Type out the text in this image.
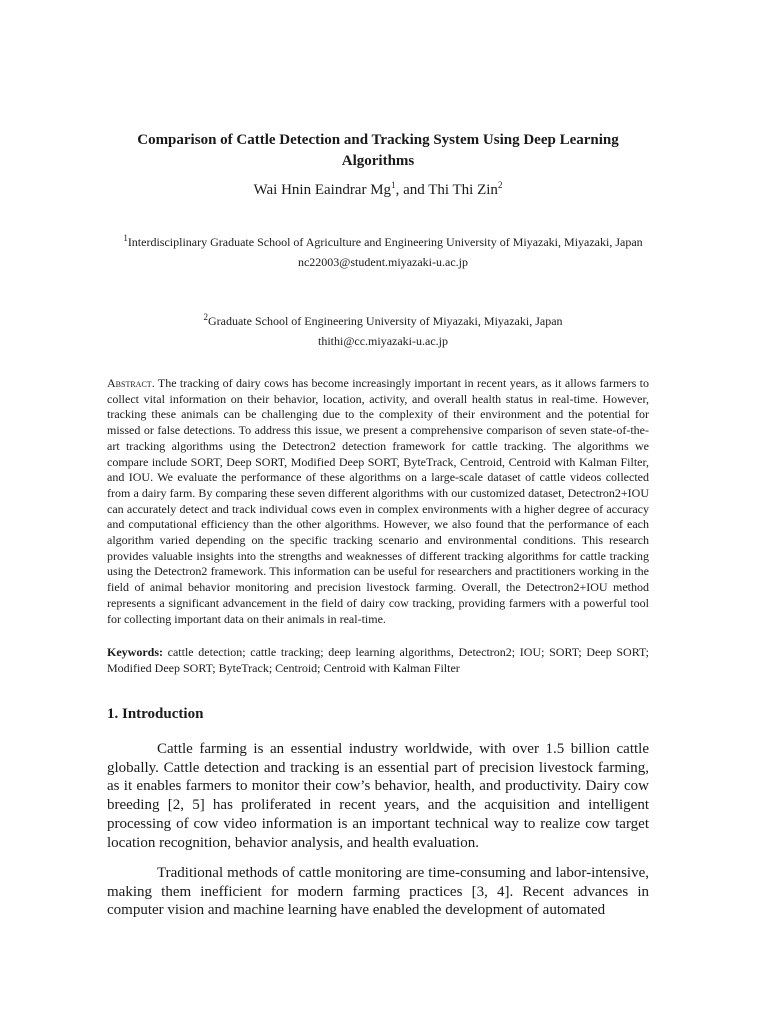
Comparison of Cattle Detection and Tracking System Using Deep Learning Algorithms
Wai Hnin Eaindrar Mg$^1$, and Thi Thi Zin$^2$
$^1$Interdisciplinary Graduate School of Agriculture and Engineering University of Miyazaki, Miyazaki, Japan
nc22003@student.miyazaki-u.ac.jp
$^2$Graduate School of Engineering University of Miyazaki, Miyazaki, Japan
thithi@cc.miyazaki-u.ac.jp
Abstract. The tracking of dairy cows has become increasingly important in recent years, as it allows farmers to collect vital information on their behavior, location, activity, and overall health status in real-time. However, tracking these animals can be challenging due to the complexity of their environment and the potential for missed or false detections. To address this issue, we present a comprehensive comparison of seven state-of-the-art tracking algorithms using the Detectron2 detection framework for cattle tracking. The algorithms we compare include SORT, Deep SORT, Modified Deep SORT, ByteTrack, Centroid, Centroid with Kalman Filter, and IOU. We evaluate the performance of these algorithms on a large-scale dataset of cattle videos collected from a dairy farm. By comparing these seven different algorithms with our customized dataset, Detectron2+IOU can accurately detect and track individual cows even in complex environments with a higher degree of accuracy and computational efficiency than the other algorithms. However, we also found that the performance of each algorithm varied depending on the specific tracking scenario and environmental conditions. This research provides valuable insights into the strengths and weaknesses of different tracking algorithms for cattle tracking using the Detectron2 framework. This information can be useful for researchers and practitioners working in the field of animal behavior monitoring and precision livestock farming. Overall, the Detectron2+IOU method represents a significant advancement in the field of dairy cow tracking, providing farmers with a powerful tool for collecting important data on their animals in real-time.
Keywords: cattle detection; cattle tracking; deep learning algorithms, Detectron2; IOU; SORT; Deep SORT; Modified Deep SORT; ByteTrack; Centroid; Centroid with Kalman Filter
1. Introduction
Cattle farming is an essential industry worldwide, with over 1.5 billion cattle globally. Cattle detection and tracking is an essential part of precision livestock farming, as it enables farmers to monitor their cow’s behavior, health, and productivity. Dairy cow breeding [2, 5] has proliferated in recent years, and the acquisition and intelligent processing of cow video information is an important technical way to realize cow target location recognition, behavior analysis, and health evaluation.
Traditional methods of cattle monitoring are time-consuming and labor-intensive, making them inefficient for modern farming practices [3, 4]. Recent advances in computer vision and machine learning have enabled the development of automated
